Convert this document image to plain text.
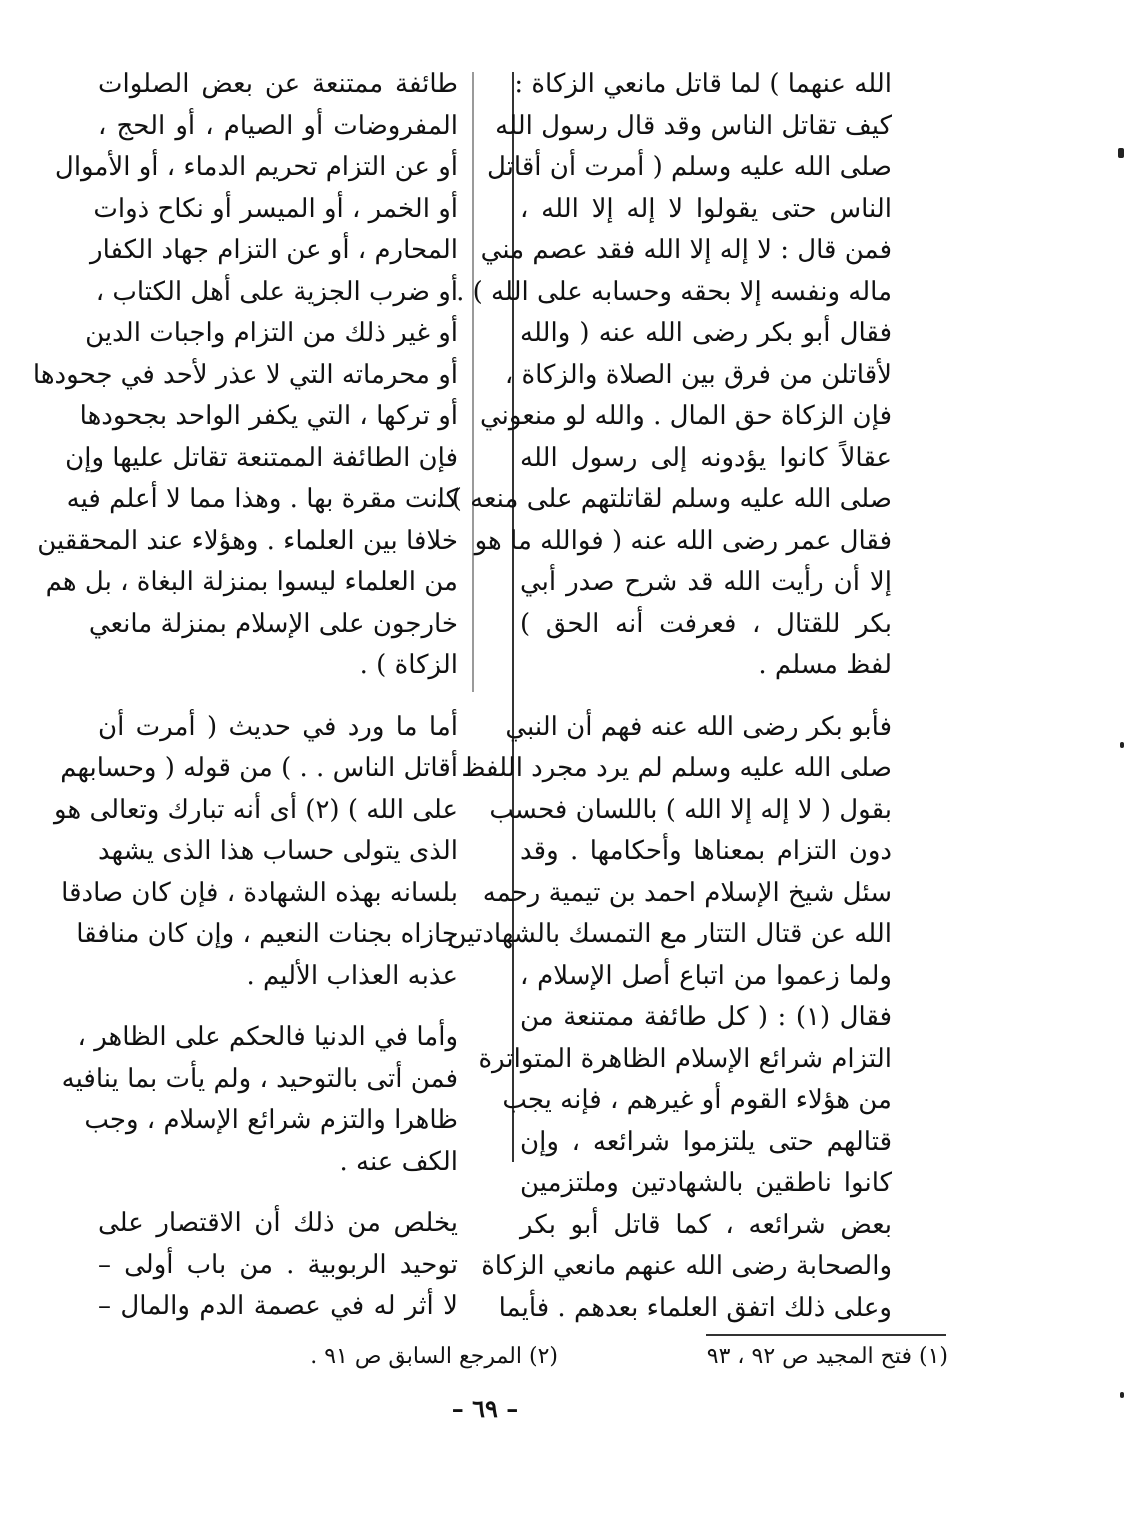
الله عنهما ) لما قاتل مانعي الزكاة :
كيف تقاتل الناس وقد قال رسول الله
صلى الله عليه وسلم ( أمرت أن أقاتل
الناس حتى يقولوا لا إله إلا الله ،
فمن قال : لا إله إلا الله فقد عصم مني
ماله ونفسه إلا بحقه وحسابه على الله ) .
فقال أبو بكر رضى الله عنه ( والله
لأقاتلن من فرق بين الصلاة والزكاة ،
فإن الزكاة حق المال . والله لو منعوني
عقالاً كانوا يؤدونه إلى رسول الله
صلى الله عليه وسلم لقاتلتهم على منعه ) .
فقال عمر رضى الله عنه ( فوالله ما هو
إلا أن رأيت الله قد شرح صدر أبي
بكر للقتال ، فعرفت أنه الحق )
لفظ مسلم .
فأبو بكر رضى الله عنه فهم أن النبي
صلى الله عليه وسلم لم يرد مجرد اللفظ
بقول ( لا إله إلا الله ) باللسان فحسب
دون التزام بمعناها وأحكامها . وقد
سئل شيخ الإسلام احمد بن تيمية رحمه
الله عن قتال التتار مع التمسك بالشهادتين
ولما زعموا من اتباع أصل الإسلام ،
فقال (١) : ( كل طائفة ممتنعة من
التزام شرائع الإسلام الظاهرة المتواترة
من هؤلاء القوم أو غيرهم ، فإنه يجب
قتالهم حتى يلتزموا شرائعه ، وإن
كانوا ناطقين بالشهادتين وملتزمين
بعض شرائعه ، كما قاتل أبو بكر
والصحابة رضى الله عنهم مانعي الزكاة
وعلى ذلك اتفق العلماء بعدهم . فأيما
طائفة ممتنعة عن بعض الصلوات
المفروضات أو الصيام ، أو الحج ،
أو عن التزام تحريم الدماء ، أو الأموال
أو الخمر ، أو الميسر أو نكاح ذوات
المحارم ، أو عن التزام جهاد الكفار
أو ضرب الجزية على أهل الكتاب ،
أو غير ذلك من التزام واجبات الدين
أو محرماته التي لا عذر لأحد في جحودها
أو تركها ، التي يكفر الواحد بجحودها
فإن الطائفة الممتنعة تقاتل عليها وإن
كانت مقرة بها . وهذا مما لا أعلم فيه
خلافا بين العلماء . وهؤلاء عند المحققين
من العلماء ليسوا بمنزلة البغاة ، بل هم
خارجون على الإسلام بمنزلة مانعي
الزكاة ) .
أما ما ورد في حديث ( أمرت أن
أقاتل الناس . . ) من قوله ( وحسابهم
على الله ) (٢) أى أنه تبارك وتعالى هو
الذى يتولى حساب هذا الذى يشهد
بلسانه بهذه الشهادة ، فإن كان صادقا
جازاه بجنات النعيم ، وإن كان منافقا
عذبه العذاب الأليم .
وأما في الدنيا فالحكم على الظاهر ،
فمن أتى بالتوحيد ، ولم يأت بما ينافيه
ظاهرا والتزم شرائع الإسلام ، وجب
الكف عنه .
يخلص من ذلك أن الاقتصار على
توحيد الربوبية . من باب أولى –
لا أثر له في عصمة الدم والمال –
(١) فتح المجيد ص ٩٢ ، ٩٣
(٢) المرجع السابق ص ٩١ .
– ٦٩ –
